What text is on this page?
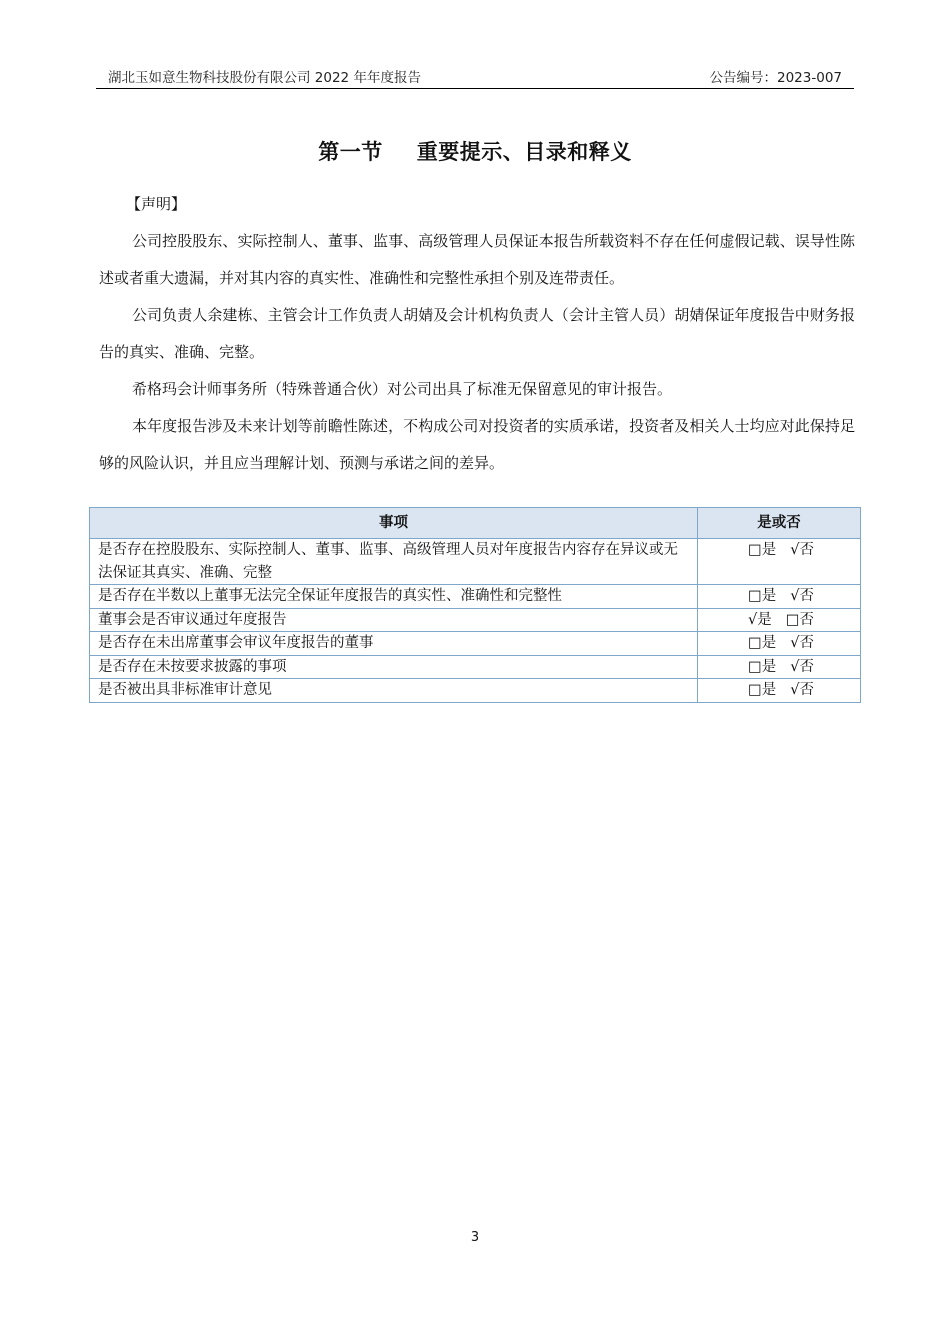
湖北玉如意生物科技股份有限公司 2022 年年度报告	公告编号：2023-007
第一节 重要提示、目录和释义
【声明】

公司控股股东、实际控制人、董事、监事、高级管理人员保证本报告所载资料不存在任何虚假记载、误导性陈述或者重大遗漏，并对其内容的真实性、准确性和完整性承担个别及连带责任。

公司负责人余建栋、主管会计工作负责人胡婧及会计机构负责人（会计主管人员）胡婧保证年度报告中财务报告的真实、准确、完整。

希格玛会计师事务所（特殊普通合伙）对公司出具了标准无保留意见的审计报告。

本年度报告涉及未来计划等前瞻性陈述，不构成公司对投资者的实质承诺，投资者及相关人士均应对此保持足够的风险认识，并且应当理解计划、预测与承诺之间的差异。

事项	是或否
是否存在控股股东、实际控制人、董事、监事、高级管理人员对年度报告内容存在异议或无法保证其真实、准确、完整	□是 √否
是否存在半数以上董事无法完全保证年度报告的真实性、准确性和完整性	□是 √否
董事会是否审议通过年度报告	√是 □否
是否存在未出席董事会审议年度报告的董事	□是 √否
是否存在未按要求披露的事项	□是 √否
是否被出具非标准审计意见	□是 √否
3
